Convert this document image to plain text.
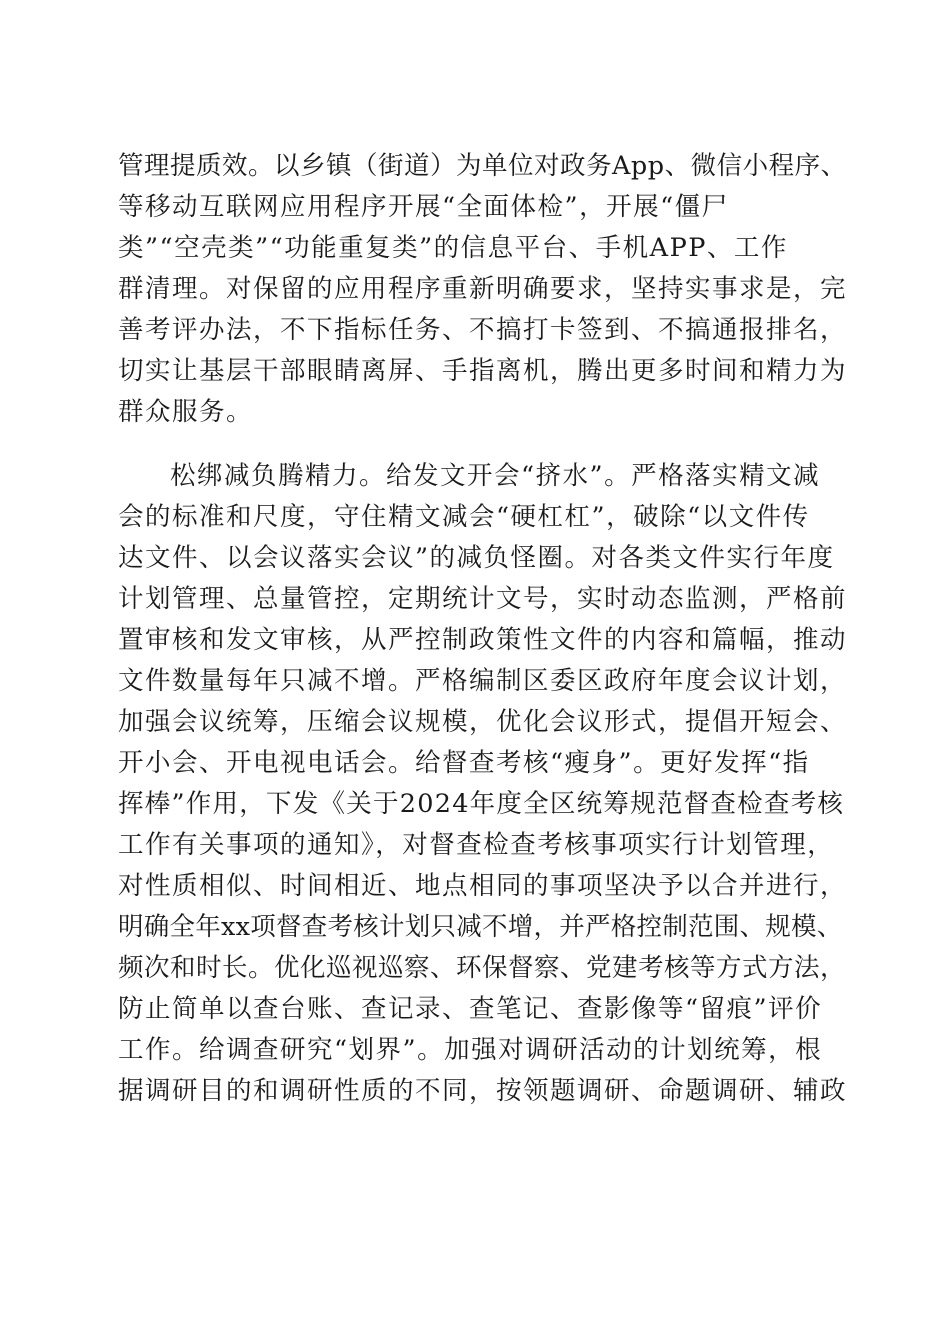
管理提质效。以乡镇（街道）为单位对政务App、微信小程序、
等移动互联网应用程序开展“全面体检”，开展“僵尸
类”“空壳类”“功能重复类”的信息平台、手机APP、工作
群清理。对保留的应用程序重新明确要求，坚持实事求是，完
善考评办法，不下指标任务、不搞打卡签到、不搞通报排名，
切实让基层干部眼睛离屏、手指离机，腾出更多时间和精力为
群众服务。
松绑减负腾精力。给发文开会“挤水”。严格落实精文减
会的标准和尺度，守住精文减会“硬杠杠”，破除“以文件传
达文件、以会议落实会议”的减负怪圈。对各类文件实行年度
计划管理、总量管控，定期统计文号，实时动态监测，严格前
置审核和发文审核，从严控制政策性文件的内容和篇幅，推动
文件数量每年只减不增。严格编制区委区政府年度会议计划，
加强会议统筹，压缩会议规模，优化会议形式，提倡开短会、
开小会、开电视电话会。给督查考核“瘦身”。更好发挥“指
挥棒”作用，下发《关于2024年度全区统筹规范督查检查考核
工作有关事项的通知》，对督查检查考核事项实行计划管理，
对性质相似、时间相近、地点相同的事项坚决予以合并进行，
明确全年xx项督查考核计划只减不增，并严格控制范围、规模、
频次和时长。优化巡视巡察、环保督察、党建考核等方式方法，
防止简单以查台账、查记录、查笔记、查影像等“留痕”评价
工作。给调查研究“划界”。加强对调研活动的计划统筹，根
据调研目的和调研性质的不同，按领题调研、命题调研、辅政
